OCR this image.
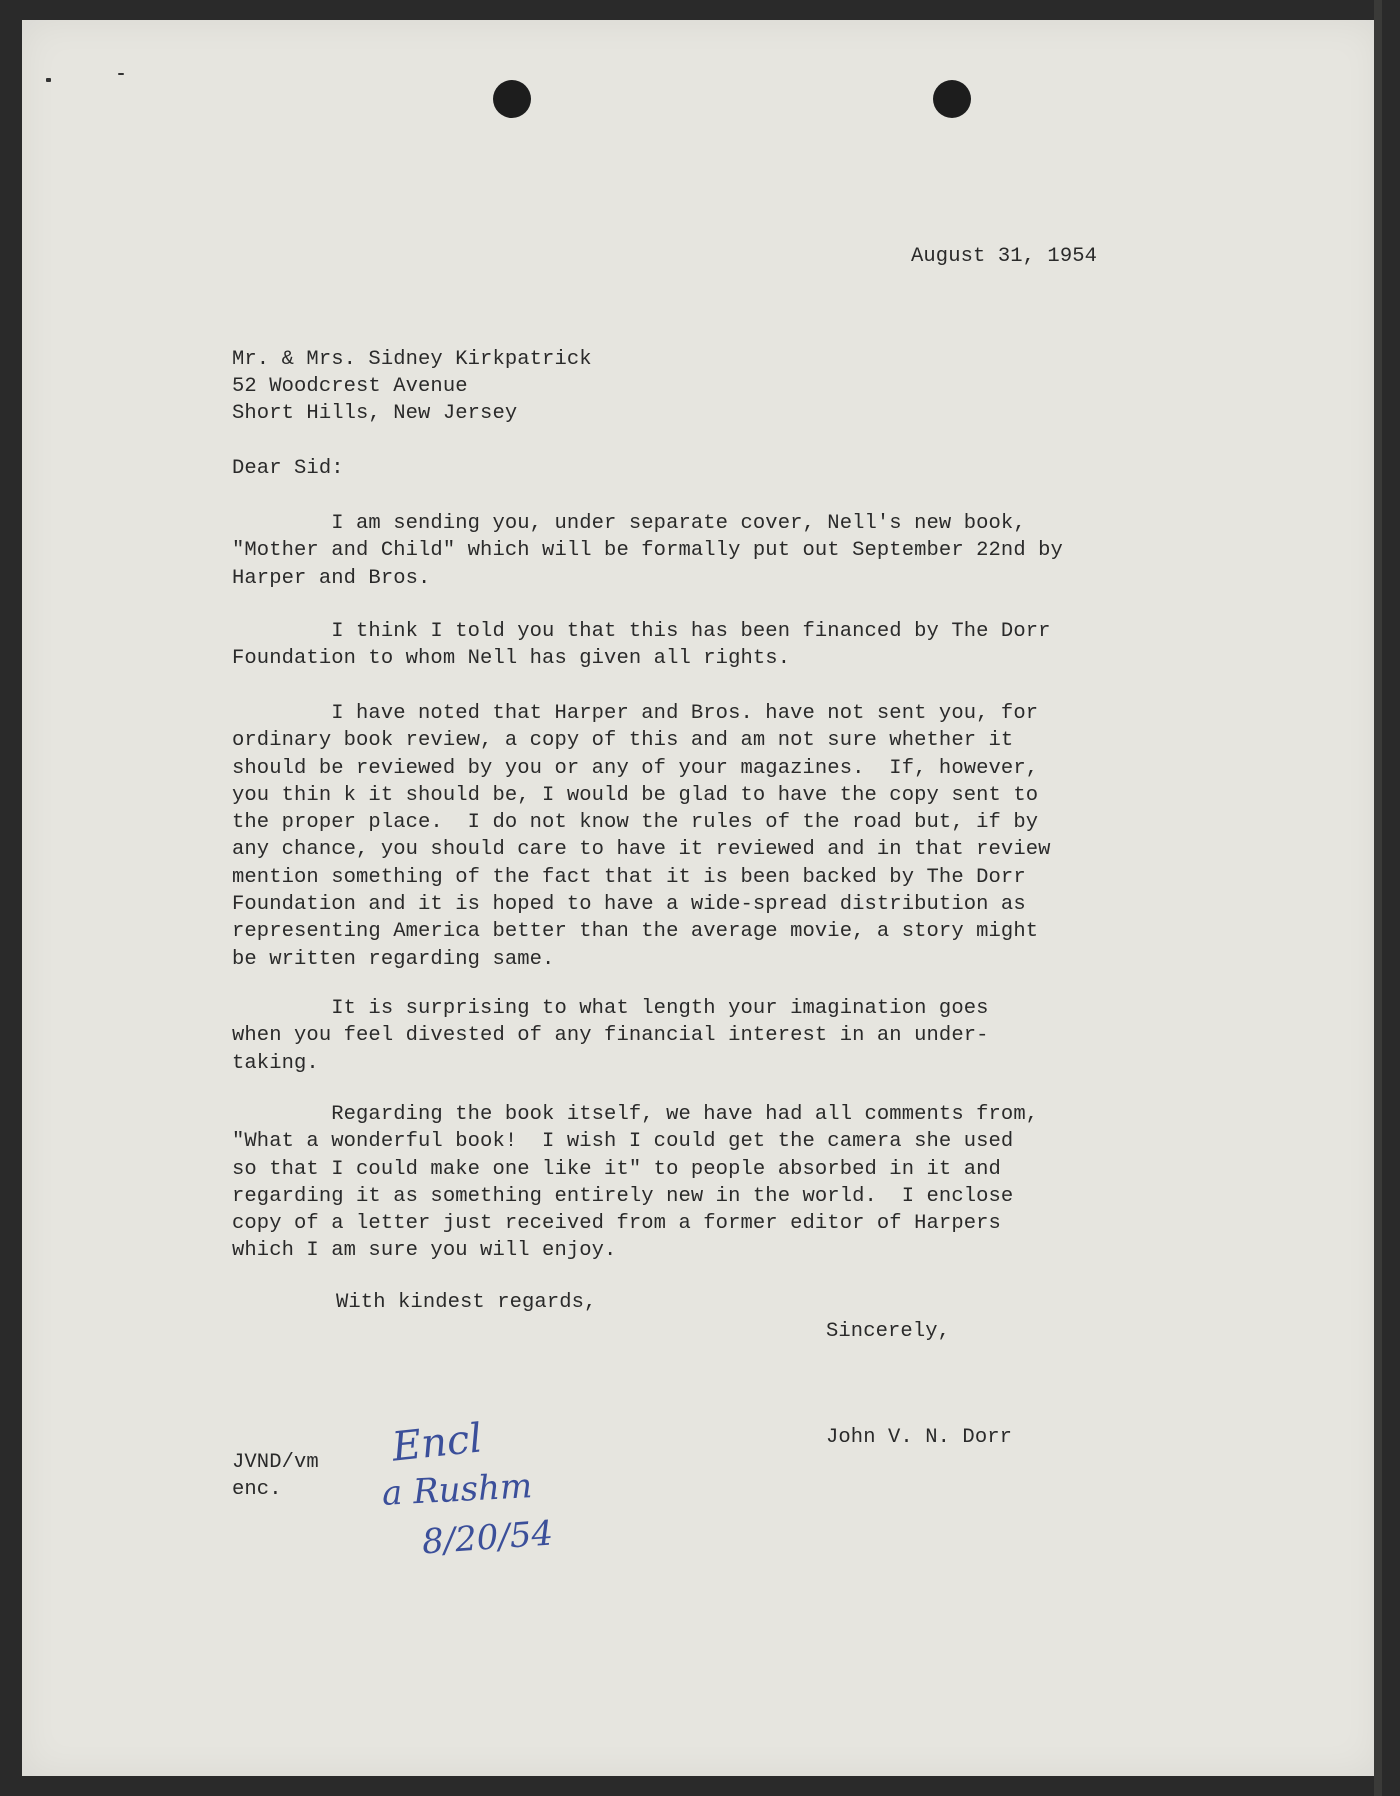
August 31, 1954
Mr. & Mrs. Sidney Kirkpatrick
52 Woodcrest Avenue
Short Hills, New Jersey
Dear Sid:
I am sending you, under separate cover, Nell's new book,
"Mother and Child" which will be formally put out September 22nd by
Harper and Bros.
I think I told you that this has been financed by The Dorr
Foundation to whom Nell has given all rights.
I have noted that Harper and Bros. have not sent you, for
ordinary book review, a copy of this and am not sure whether it
should be reviewed by you or any of your magazines.  If, however,
you thin k it should be, I would be glad to have the copy sent to
the proper place.  I do not know the rules of the road but, if by
any chance, you should care to have it reviewed and in that review
mention something of the fact that it is been backed by The Dorr
Foundation and it is hoped to have a wide-spread distribution as
representing America better than the average movie, a story might
be written regarding same.
It is surprising to what length your imagination goes
when you feel divested of any financial interest in an under-
taking.
Regarding the book itself, we have had all comments from,
"What a wonderful book!  I wish I could get the camera she used
so that I could make one like it" to people absorbed in it and
regarding it as something entirely new in the world.  I enclose
copy of a letter just received from a former editor of Harpers
which I am sure you will enjoy.
With kindest regards,
Sincerely,
John V. N. Dorr
JVND/vm
enc.
Encl
a Rushm
8/20/54
